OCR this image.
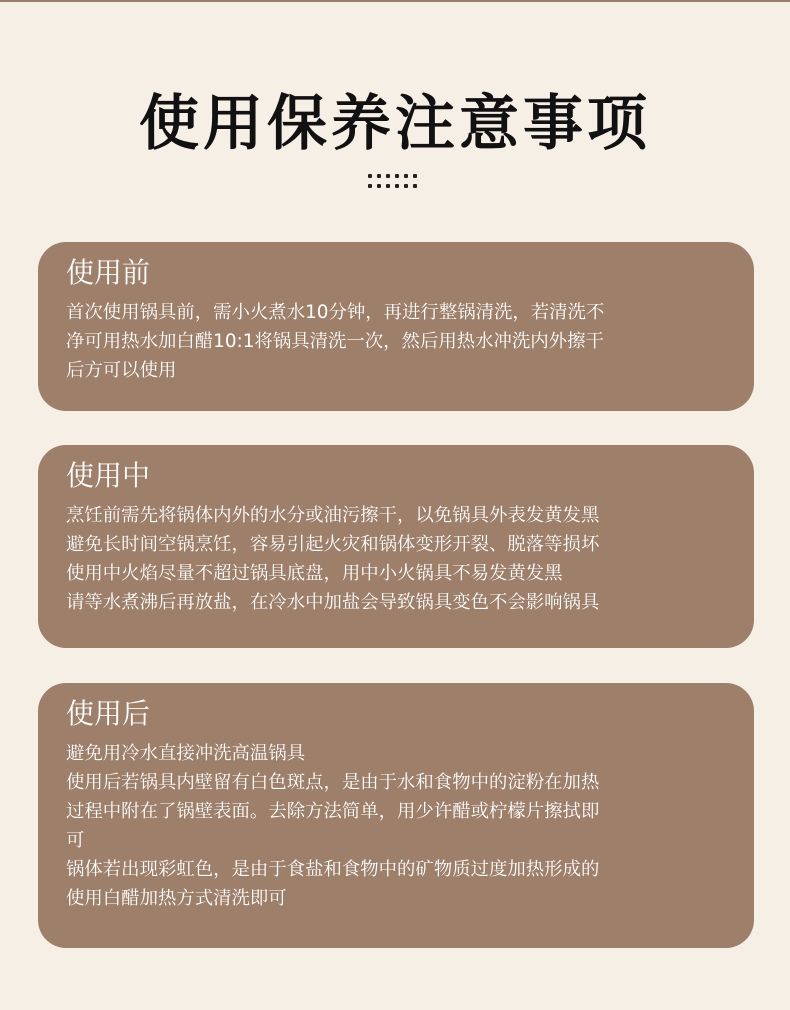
使用保养注意事项
使用前
首次使用锅具前，需小火煮水10分钟，再进行整锅清洗，若清洗不
净可用热水加白醋10:1将锅具清洗一次，然后用热水冲洗内外擦干
后方可以使用
使用中
烹饪前需先将锅体内外的水分或油污擦干，以免锅具外表发黄发黑
避免长时间空锅烹饪，容易引起火灾和锅体变形开裂、脱落等损坏
使用中火焰尽量不超过锅具底盘，用中小火锅具不易发黄发黑
请等水煮沸后再放盐，在冷水中加盐会导致锅具变色不会影响锅具
使用后
避免用冷水直接冲洗高温锅具
使用后若锅具内壁留有白色斑点，是由于水和食物中的淀粉在加热
过程中附在了锅壁表面。去除方法简单，用少许醋或柠檬片擦拭即
可
锅体若出现彩虹色，是由于食盐和食物中的矿物质过度加热形成的
使用白醋加热方式清洗即可
